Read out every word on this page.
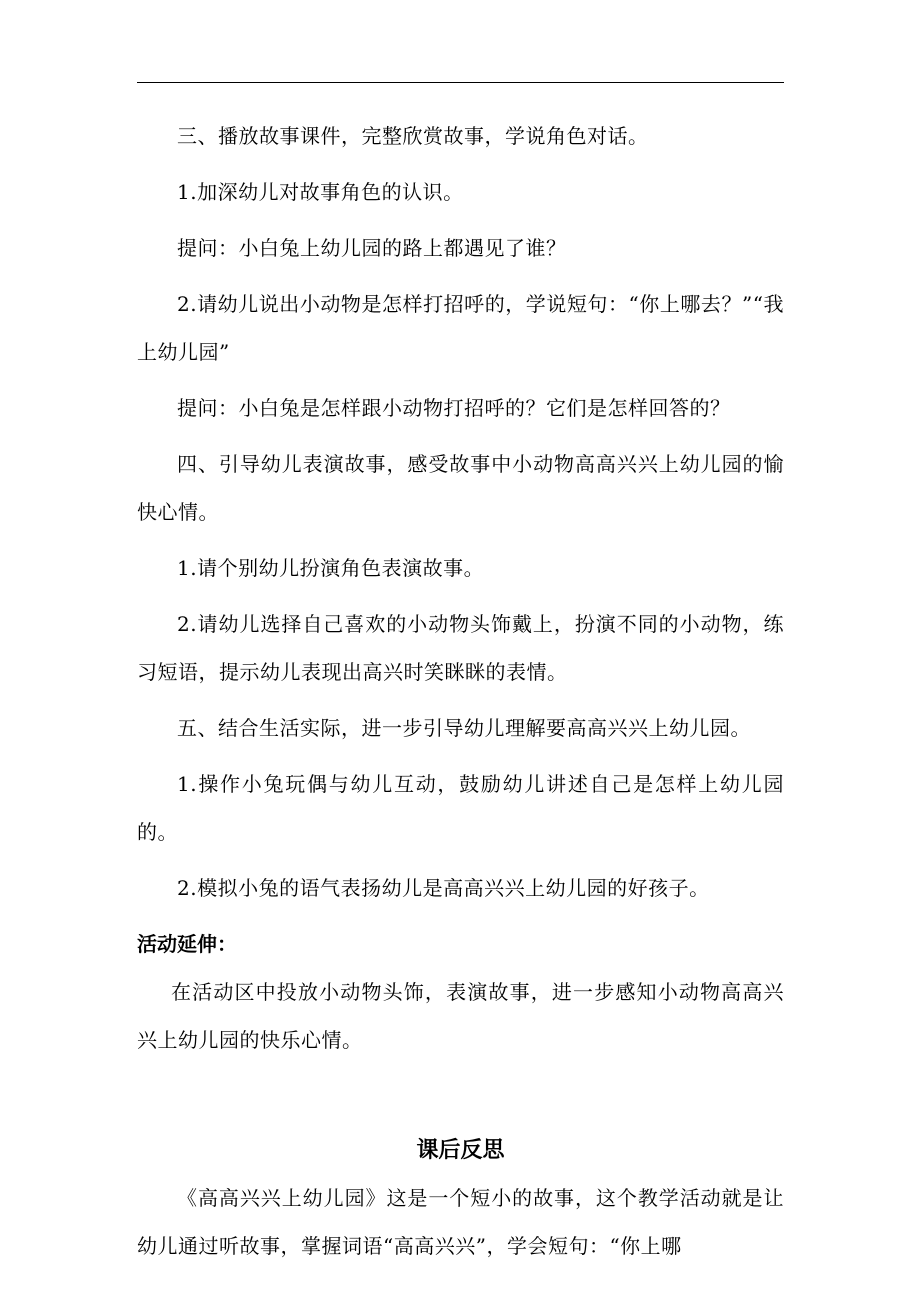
三、播放故事课件，完整欣赏故事，学说角色对话。

1.加深幼儿对故事角色的认识。

提问：小白兔上幼儿园的路上都遇见了谁？

2.请幼儿说出小动物是怎样打招呼的，学说短句：“你上哪去？”“我上幼儿园”

提问：小白兔是怎样跟小动物打招呼的？它们是怎样回答的？

四、引导幼儿表演故事，感受故事中小动物高高兴兴上幼儿园的愉快心情。

1.请个别幼儿扮演角色表演故事。

2.请幼儿选择自己喜欢的小动物头饰戴上，扮演不同的小动物，练习短语，提示幼儿表现出高兴时笑眯眯的表情。

五、结合生活实际，进一步引导幼儿理解要高高兴兴上幼儿园。

1.操作小兔玩偶与幼儿互动，鼓励幼儿讲述自己是怎样上幼儿园的。

2.模拟小兔的语气表扬幼儿是高高兴兴上幼儿园的好孩子。

活动延伸：

在活动区中投放小动物头饰，表演故事，进一步感知小动物高高兴兴上幼儿园的快乐心情。

课后反思

《高高兴兴上幼儿园》这是一个短小的故事，这个教学活动就是让幼儿通过听故事，掌握词语“高高兴兴”，学会短句：“你上哪
